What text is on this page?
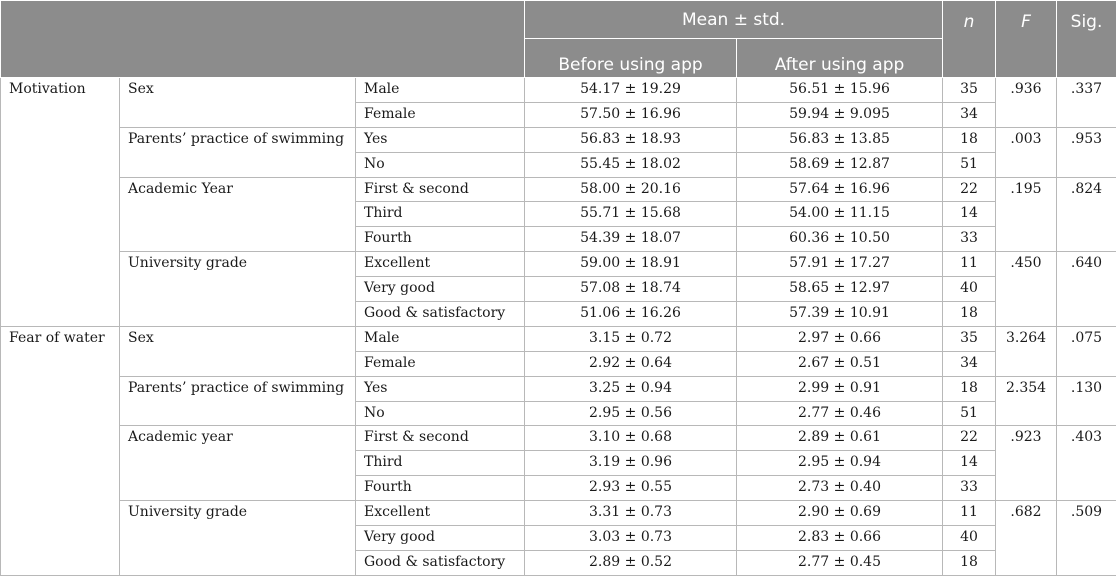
			Mean ± std.		n	F	Sig.
			Before using app	After using app			
Motivation	Sex	Male	54.17 ± 19.29	56.51 ± 15.96	35	.936	.337
		Female	57.50 ± 16.96	59.94 ± 9.095	34		
	Parents’ practice of swimming	Yes	56.83 ± 18.93	56.83 ± 13.85	18	.003	.953
		No	55.45 ± 18.02	58.69 ± 12.87	51		
	Academic Year	First & second	58.00 ± 20.16	57.64 ± 16.96	22	.195	.824
		Third	55.71 ± 15.68	54.00 ± 11.15	14		
		Fourth	54.39 ± 18.07	60.36 ± 10.50	33		
	University grade	Excellent	59.00 ± 18.91	57.91 ± 17.27	11	.450	.640
		Very good	57.08 ± 18.74	58.65 ± 12.97	40		
		Good & satisfactory	51.06 ± 16.26	57.39 ± 10.91	18		
Fear of water	Sex	Male	3.15 ± 0.72	2.97 ± 0.66	35	3.264	.075
		Female	2.92 ± 0.64	2.67 ± 0.51	34		
	Parents’ practice of swimming	Yes	3.25 ± 0.94	2.99 ± 0.91	18	2.354	.130
		No	2.95 ± 0.56	2.77 ± 0.46	51		
	Academic year	First & second	3.10 ± 0.68	2.89 ± 0.61	22	.923	.403
		Third	3.19 ± 0.96	2.95 ± 0.94	14		
		Fourth	2.93 ± 0.55	2.73 ± 0.40	33		
	University grade	Excellent	3.31 ± 0.73	2.90 ± 0.69	11	.682	.509
		Very good	3.03 ± 0.73	2.83 ± 0.66	40		
		Good & satisfactory	2.89 ± 0.52	2.77 ± 0.45	18		
